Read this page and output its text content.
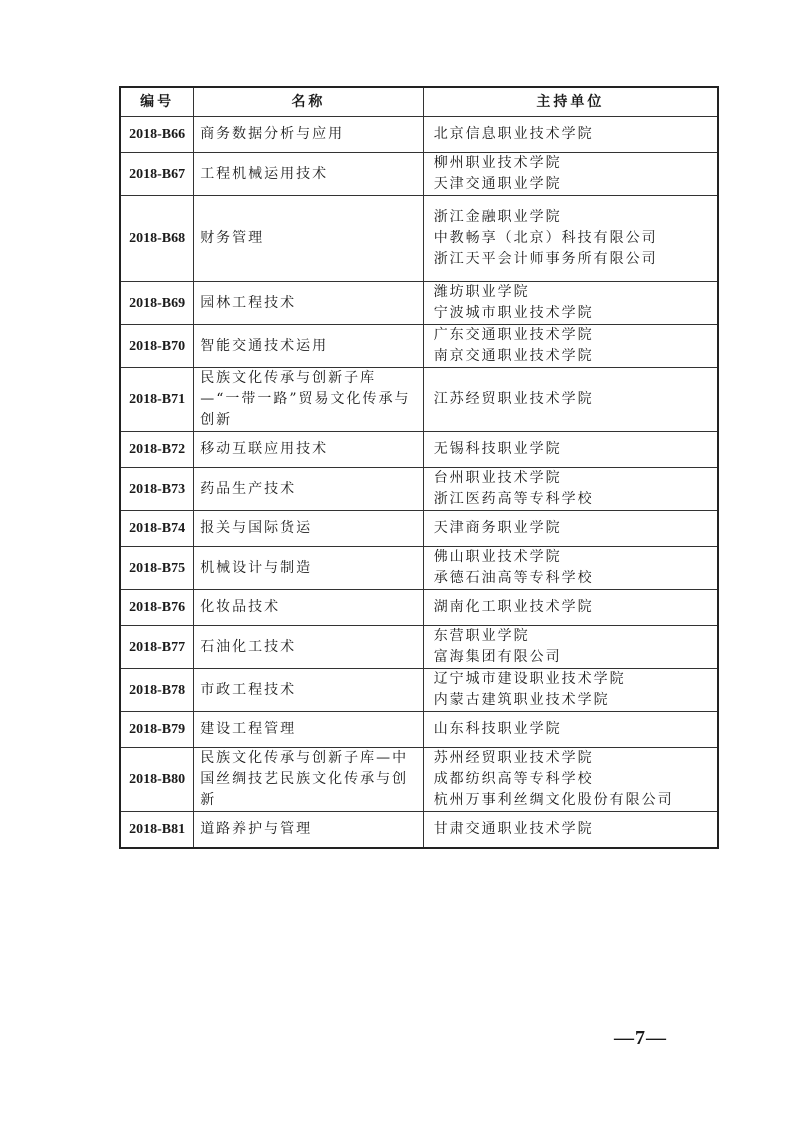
编号	名称	主持单位
2018-B66	商务数据分析与应用	北京信息职业技术学院

2018-B67	工程机械运用技术	柳州职业技术学院
天津交通职业学院

2018-B68	财务管理	浙江金融职业学院
中教畅享（北京）科技有限公司
浙江天平会计师事务所有限公司

2018-B69	园林工程技术	潍坊职业学院
宁波城市职业技术学院

2018-B70	智能交通技术运用	广东交通职业技术学院
南京交通职业技术学院

2018-B71	民族文化传承与创新子库—“一带一路”贸易文化传承与创新	江苏经贸职业技术学院

2018-B72	移动互联应用技术	无锡科技职业学院

2018-B73	药品生产技术	台州职业技术学院
浙江医药高等专科学校

2018-B74	报关与国际货运	天津商务职业学院

2018-B75	机械设计与制造	佛山职业技术学院
承德石油高等专科学校

2018-B76	化妆品技术	湖南化工职业技术学院

2018-B77	石油化工技术	东营职业学院
富海集团有限公司

2018-B78	市政工程技术	辽宁城市建设职业技术学院
内蒙古建筑职业技术学院

2018-B79	建设工程管理	山东科技职业学院

2018-B80	民族文化传承与创新子库—中国丝绸技艺民族文化传承与创新	苏州经贸职业技术学院
成都纺织高等专科学校
杭州万事利丝绸文化股份有限公司

2018-B81	道路养护与管理	甘肃交通职业技术学院
—7—
